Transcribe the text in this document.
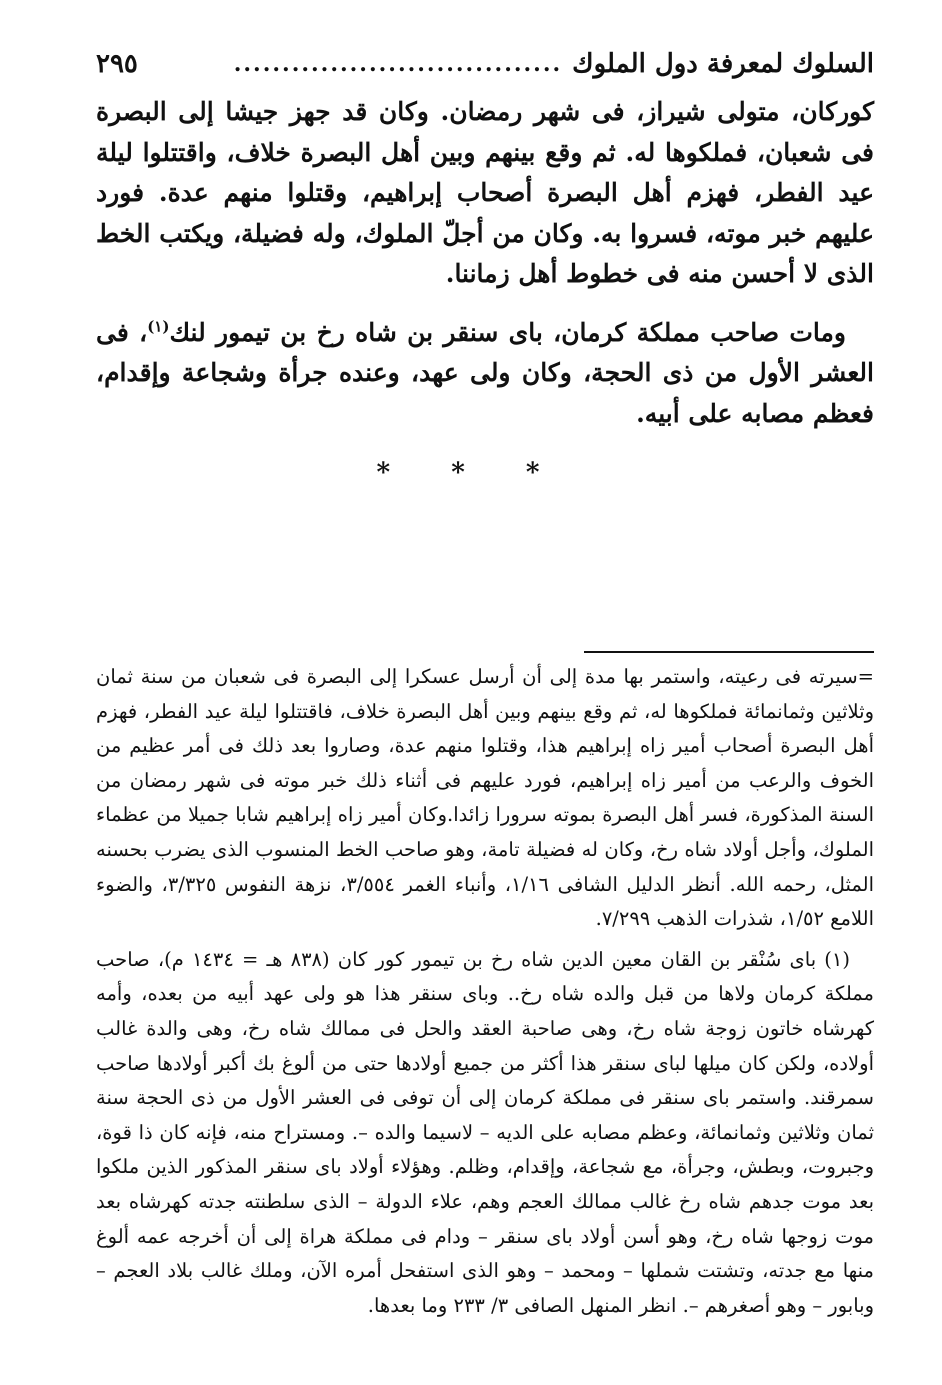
السلوك لمعرفة دول الملوك
..................................
٢٩٥

كوركان، متولى شيراز، فى شهر رمضان. وكان قد جهز جيشا إلى البصرة فى شعبان، فملكوها له. ثم وقع بينهم وبين أهل البصرة خلاف، واقتتلوا ليلة عيد الفطر، فهزم أهل البصرة أصحاب إبراهيم، وقتلوا منهم عدة. فورد عليهم خبر موته، فسروا به. وكان من أجلّ الملوك، وله فضيلة، ويكتب الخط الذى لا أحسن منه فى خطوط أهل زماننا.

ومات صاحب مملكة كرمان، باى سنقر بن شاه رخ بن تيمور لنك$^{(١)}$، فى العشر الأول من ذى الحجة، وكان ولى عهد، وعنده جرأة وشجاعة وإقدام، فعظم مصابه على أبيه.

* * *

=سيرته فى رعيته، واستمر بها مدة إلى أن أرسل عسكرا إلى البصرة فى شعبان من سنة ثمان وثلاثين وثمانمائة فملكوها له، ثم وقع بينهم وبين أهل البصرة خلاف، فاقتتلوا ليلة عيد الفطر، فهزم أهل البصرة أصحاب أمير زاه إبراهيم هذا، وقتلوا منهم عدة، وصاروا بعد ذلك فى أمر عظيم من الخوف والرعب من أمير زاه إبراهيم، فورد عليهم فى أثناء ذلك خبر موته فى شهر رمضان من السنة المذكورة، فسر أهل البصرة بموته سرورا زائدا.وكان أمير زاه إبراهيم شابا جميلا من عظماء الملوك، وأجل أولاد شاه رخ، وكان له فضيلة تامة، وهو صاحب الخط المنسوب الذى يضرب بحسنه المثل، رحمه الله. أنظر الدليل الشافى ١/١٦، وأنباء الغمر ٣/٥٥٤، نزهة النفوس ٣/٣٢٥، والضوء اللامع ١/٥٢، شذرات الذهب ٧/٢٩٩.

(١) باى سُنْقر بن القان معين الدين شاه رخ بن تيمور كور كان (٨٣٨ هـ = ١٤٣٤ م)، صاحب مملكة كرمان ولاها من قبل والده شاه رخ.. وباى سنقر هذا هو ولى عهد أبيه من بعده، وأمه كهرشاه خاتون زوجة شاه رخ، وهى صاحبة العقد والحل فى ممالك شاه رخ، وهى والدة غالب أولاده، ولكن كان ميلها لباى سنقر هذا أكثر من جميع أولادها حتى من ألوغ بك أكبر أولادها صاحب سمرقند. واستمر باى سنقر فى مملكة كرمان إلى أن توفى فى العشر الأول من ذى الحجة سنة ثمان وثلاثين وثمانمائة، وعظم مصابه على الديه – لاسيما والده –. ومستراح منه، فإنه كان ذا قوة، وجبروت، وبطش، وجرأة، مع شجاعة، وإقدام، وظلم. وهؤلاء أولاد باى سنقر المذكور الذين ملكوا بعد موت جدهم شاه رخ غالب ممالك العجم وهم، علاء الدولة – الذى سلطنته جدته كهرشاه بعد موت زوجها شاه رخ، وهو أسن أولاد باى سنقر – ودام فى مملكة هراة إلى أن أخرجه عمه ألوغ منها مع جدته، وتشتت شملها – ومحمد – وهو الذى استفحل أمره الآن، وملك غالب بلاد العجم – وبابور – وهو أصغرهم –. انظر المنهل الصافى ٣/ ٢٣٣ وما بعدها.
